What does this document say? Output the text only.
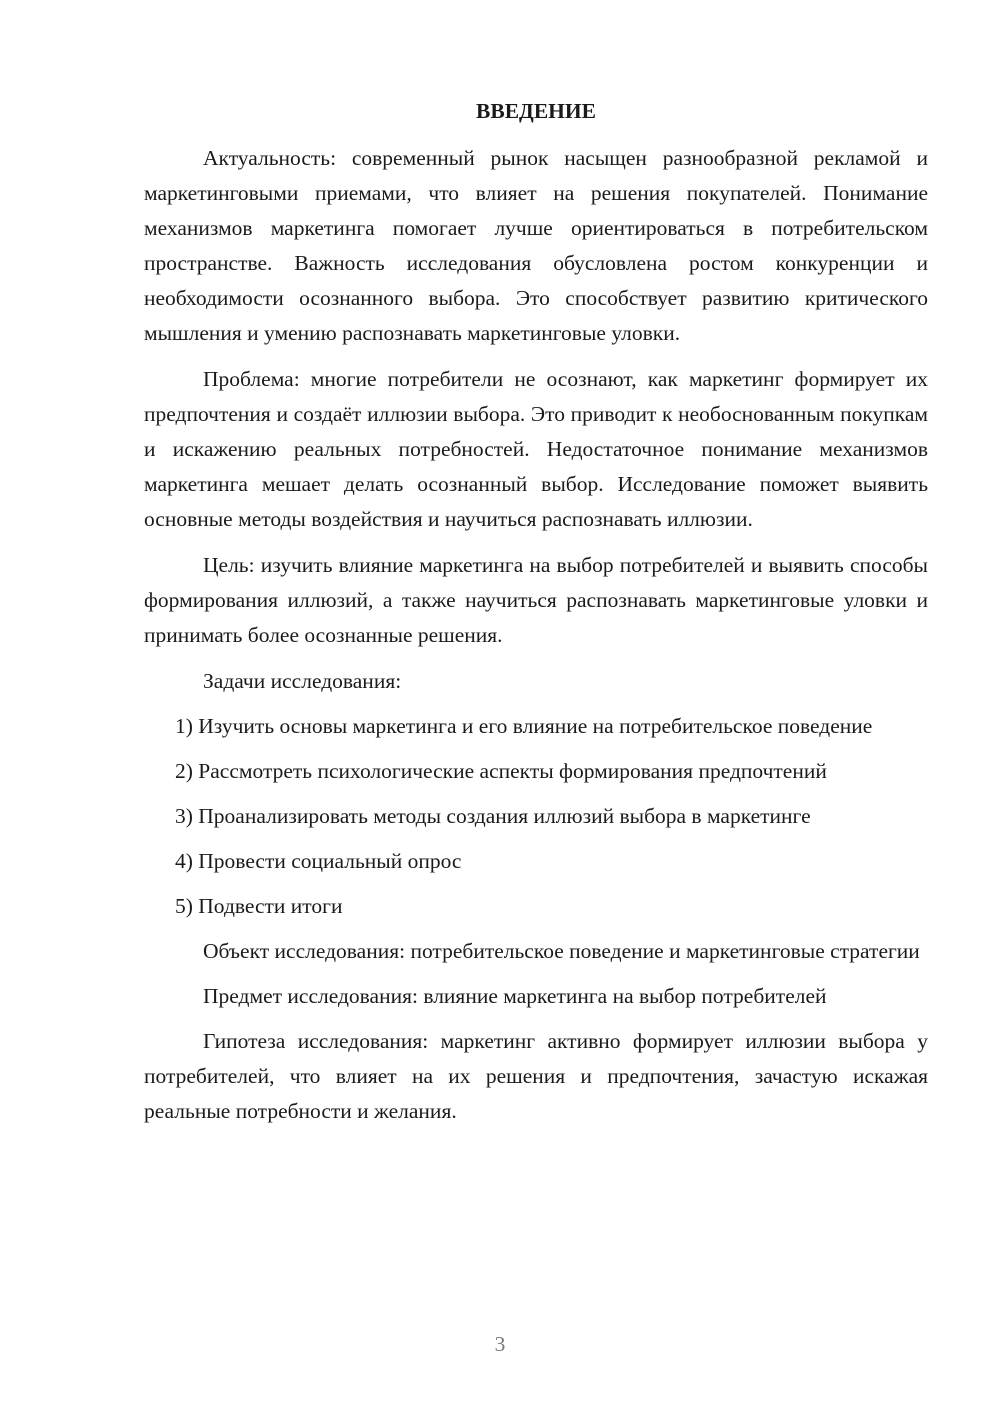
ВВЕДЕНИЕ

Актуальность: современный рынок насыщен разнообразной рекламой и маркетинговыми приемами, что влияет на решения покупателей. Понимание механизмов маркетинга помогает лучше ориентироваться в потребительском пространстве. Важность исследования обусловлена ростом конкуренции и необходимости осознанного выбора. Это способствует развитию критического мышления и умению распознавать маркетинговые уловки.

Проблема: многие потребители не осознают, как маркетинг формирует их предпочтения и создаёт иллюзии выбора. Это приводит к необоснованным покупкам и искажению реальных потребностей. Недостаточное понимание механизмов маркетинга мешает делать осознанный выбор. Исследование поможет выявить основные методы воздействия и научиться распознавать иллюзии.

Цель: изучить влияние маркетинга на выбор потребителей и выявить способы формирования иллюзий, а также научиться распознавать маркетинговые уловки и принимать более осознанные решения.

Задачи исследования:

1) Изучить основы маркетинга и его влияние на потребительское поведение

2) Рассмотреть психологические аспекты формирования предпочтений

3) Проанализировать методы создания иллюзий выбора в маркетинге

4) Провести социальный опрос

5) Подвести итоги

Объект исследования: потребительское поведение и маркетинговые стратегии

Предмет исследования: влияние маркетинга на выбор потребителей

Гипотеза исследования: маркетинг активно формирует иллюзии выбора у потребителей, что влияет на их решения и предпочтения, зачастую искажая реальные потребности и желания.

3
